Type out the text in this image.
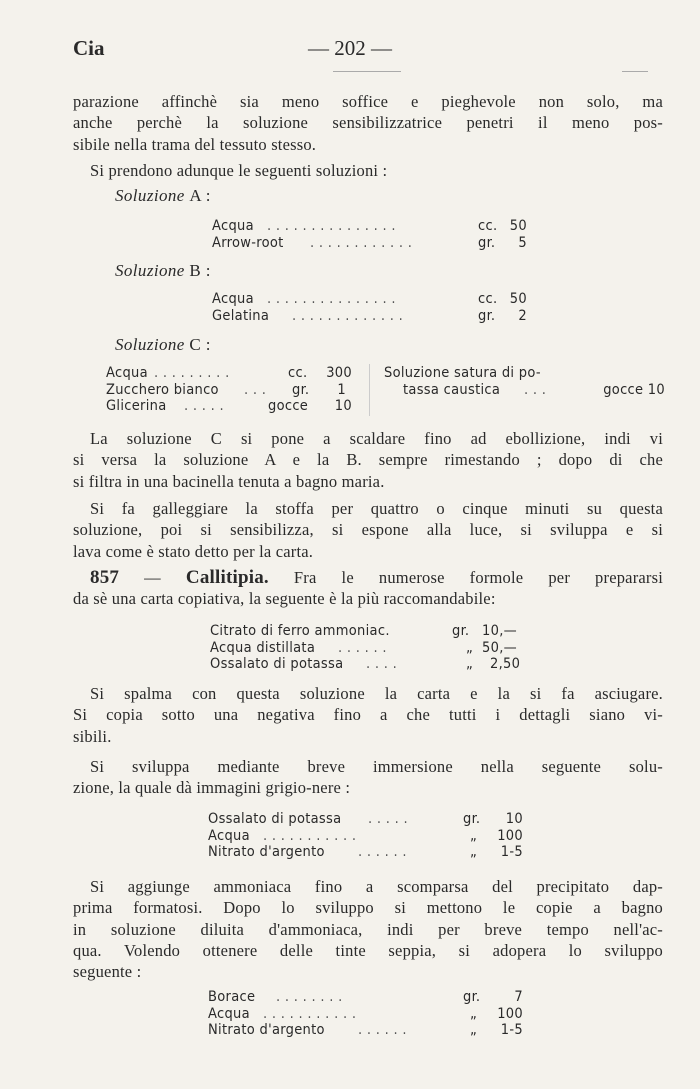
Cia	— 202 —
parazione affinchè sia meno soffice e pieghevole non solo, ma
anche perchè la soluzione sensibilizzatrice penetri il meno pos-
sibile nella trama del tessuto stesso.
Si prendono adunque le seguenti soluzioni :
Soluzione A :
Acqua . . . . . . . . . . . . . . .	cc. 50
Arrow-root . . . . . . . . . . . .	gr. 5
Soluzione B :
Acqua . . . . . . . . . . . . . . .	cc. 50
Gelatina . . . . . . . . . . . . .	gr. 2
Soluzione C :
Acqua . . . . . . . . .	cc. 300
Zucchero bianco . . .	gr. 1
Glicerina . . . . .	gocce 10
Soluzione satura di po-
tassa caustica . . .	gocce 10
La soluzione C si pone a scaldare fino ad ebollizione, indi vi
si versa la soluzione A e la B. sempre rimestando ; dopo di che
si filtra in una bacinella tenuta a bagno maria.
Si fa galleggiare la stoffa per quattro o cinque minuti su questa
soluzione, poi si sensibilizza, si espone alla luce, si sviluppa e si
lava come è stato detto per la carta.
857 — Callitipia. Fra le numerose formole per prepararsi
da sè una carta copiativa, la seguente è la più raccomandabile:
Citrato di ferro ammoniac.	gr. 10,—
Acqua distillata . . . . . .	„ 50,—
Ossalato di potassa . . . .	„ 2,50
Si spalma con questa soluzione la carta e la si fa asciugare.
Si copia sotto una negativa fino a che tutti i dettagli siano vi-
sibili.
Si sviluppa mediante breve immersione nella seguente solu-
zione, la quale dà immagini grigio-nere :
Ossalato di potassa . . . . .	gr. 10
Acqua . . . . . . . . . . .	„ 100
Nitrato d'argento . . . . . .	„ 1-5
Si aggiunge ammoniaca fino a scomparsa del precipitato dap-
prima formatosi. Dopo lo sviluppo si mettono le copie a bagno
in soluzione diluita d'ammoniaca, indi per breve tempo nell'ac-
qua. Volendo ottenere delle tinte seppia, si adopera lo sviluppo
seguente :
Borace . . . . . . . .	gr. 7
Acqua . . . . . . . . . . .	„ 100
Nitrato d'argento . . . . . .	„ 1-5
